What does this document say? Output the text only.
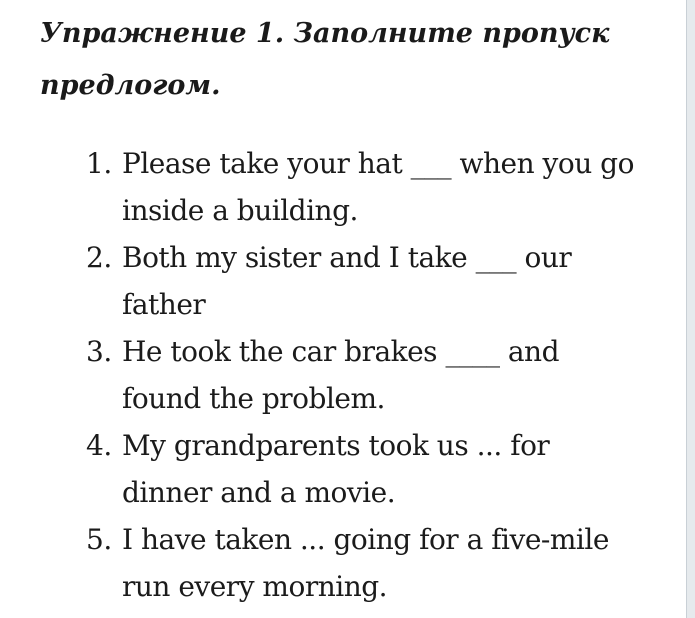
Упражнение 1. Заполните пропуск предлогом.
1. Please take your hat ___ when you go inside a building.
2. Both my sister and I take ___ our father
3. He took the car brakes ____ and found the problem.
4. My grandparents took us ... for dinner and a movie.
5. I have taken ... going for a five-mile run every morning.
